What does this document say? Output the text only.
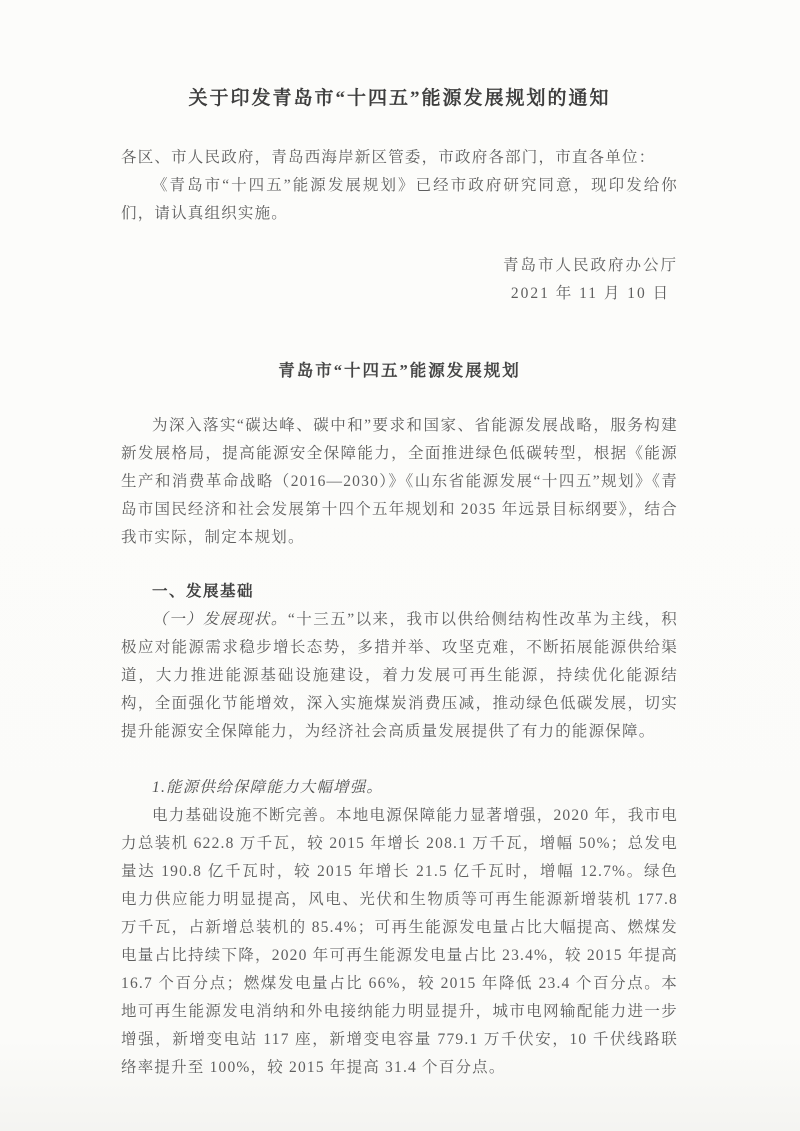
关于印发青岛市“十四五”能源发展规划的通知

各区、市人民政府，青岛西海岸新区管委，市政府各部门，市直各单位：

《青岛市“十四五”能源发展规划》已经市政府研究同意，现印发给你们，请认真组织实施。

青岛市人民政府办公厅

2021 年 11 月 10 日

青岛市“十四五”能源发展规划

为深入落实“碳达峰、碳中和”要求和国家、省能源发展战略，服务构建新发展格局，提高能源安全保障能力，全面推进绿色低碳转型，根据《能源生产和消费革命战略（2016—2030）》《山东省能源发展“十四五”规划》《青岛市国民经济和社会发展第十四个五年规划和 2035 年远景目标纲要》，结合我市实际，制定本规划。

一、发展基础

（一）发展现状。“十三五”以来，我市以供给侧结构性改革为主线，积极应对能源需求稳步增长态势，多措并举、攻坚克难，不断拓展能源供给渠道，大力推进能源基础设施建设，着力发展可再生能源，持续优化能源结构，全面强化节能增效，深入实施煤炭消费压减，推动绿色低碳发展，切实提升能源安全保障能力，为经济社会高质量发展提供了有力的能源保障。

1.能源供给保障能力大幅增强。

电力基础设施不断完善。本地电源保障能力显著增强，2020 年，我市电力总装机 622.8 万千瓦，较 2015 年增长 208.1 万千瓦，增幅 50%；总发电量达 190.8 亿千瓦时，较 2015 年增长 21.5 亿千瓦时，增幅 12.7%。绿色电力供应能力明显提高，风电、光伏和生物质等可再生能源新增装机 177.8 万千瓦，占新增总装机的 85.4%；可再生能源发电量占比大幅提高、燃煤发电量占比持续下降，2020 年可再生能源发电量占比 23.4%，较 2015 年提高 16.7 个百分点；燃煤发电量占比 66%，较 2015 年降低 23.4 个百分点。本地可再生能源发电消纳和外电接纳能力明显提升，城市电网输配能力进一步增强，新增变电站 117 座，新增变电容量 779.1 万千伏安，10 千伏线路联络率提升至 100%，较 2015 年提高 31.4 个百分点。
